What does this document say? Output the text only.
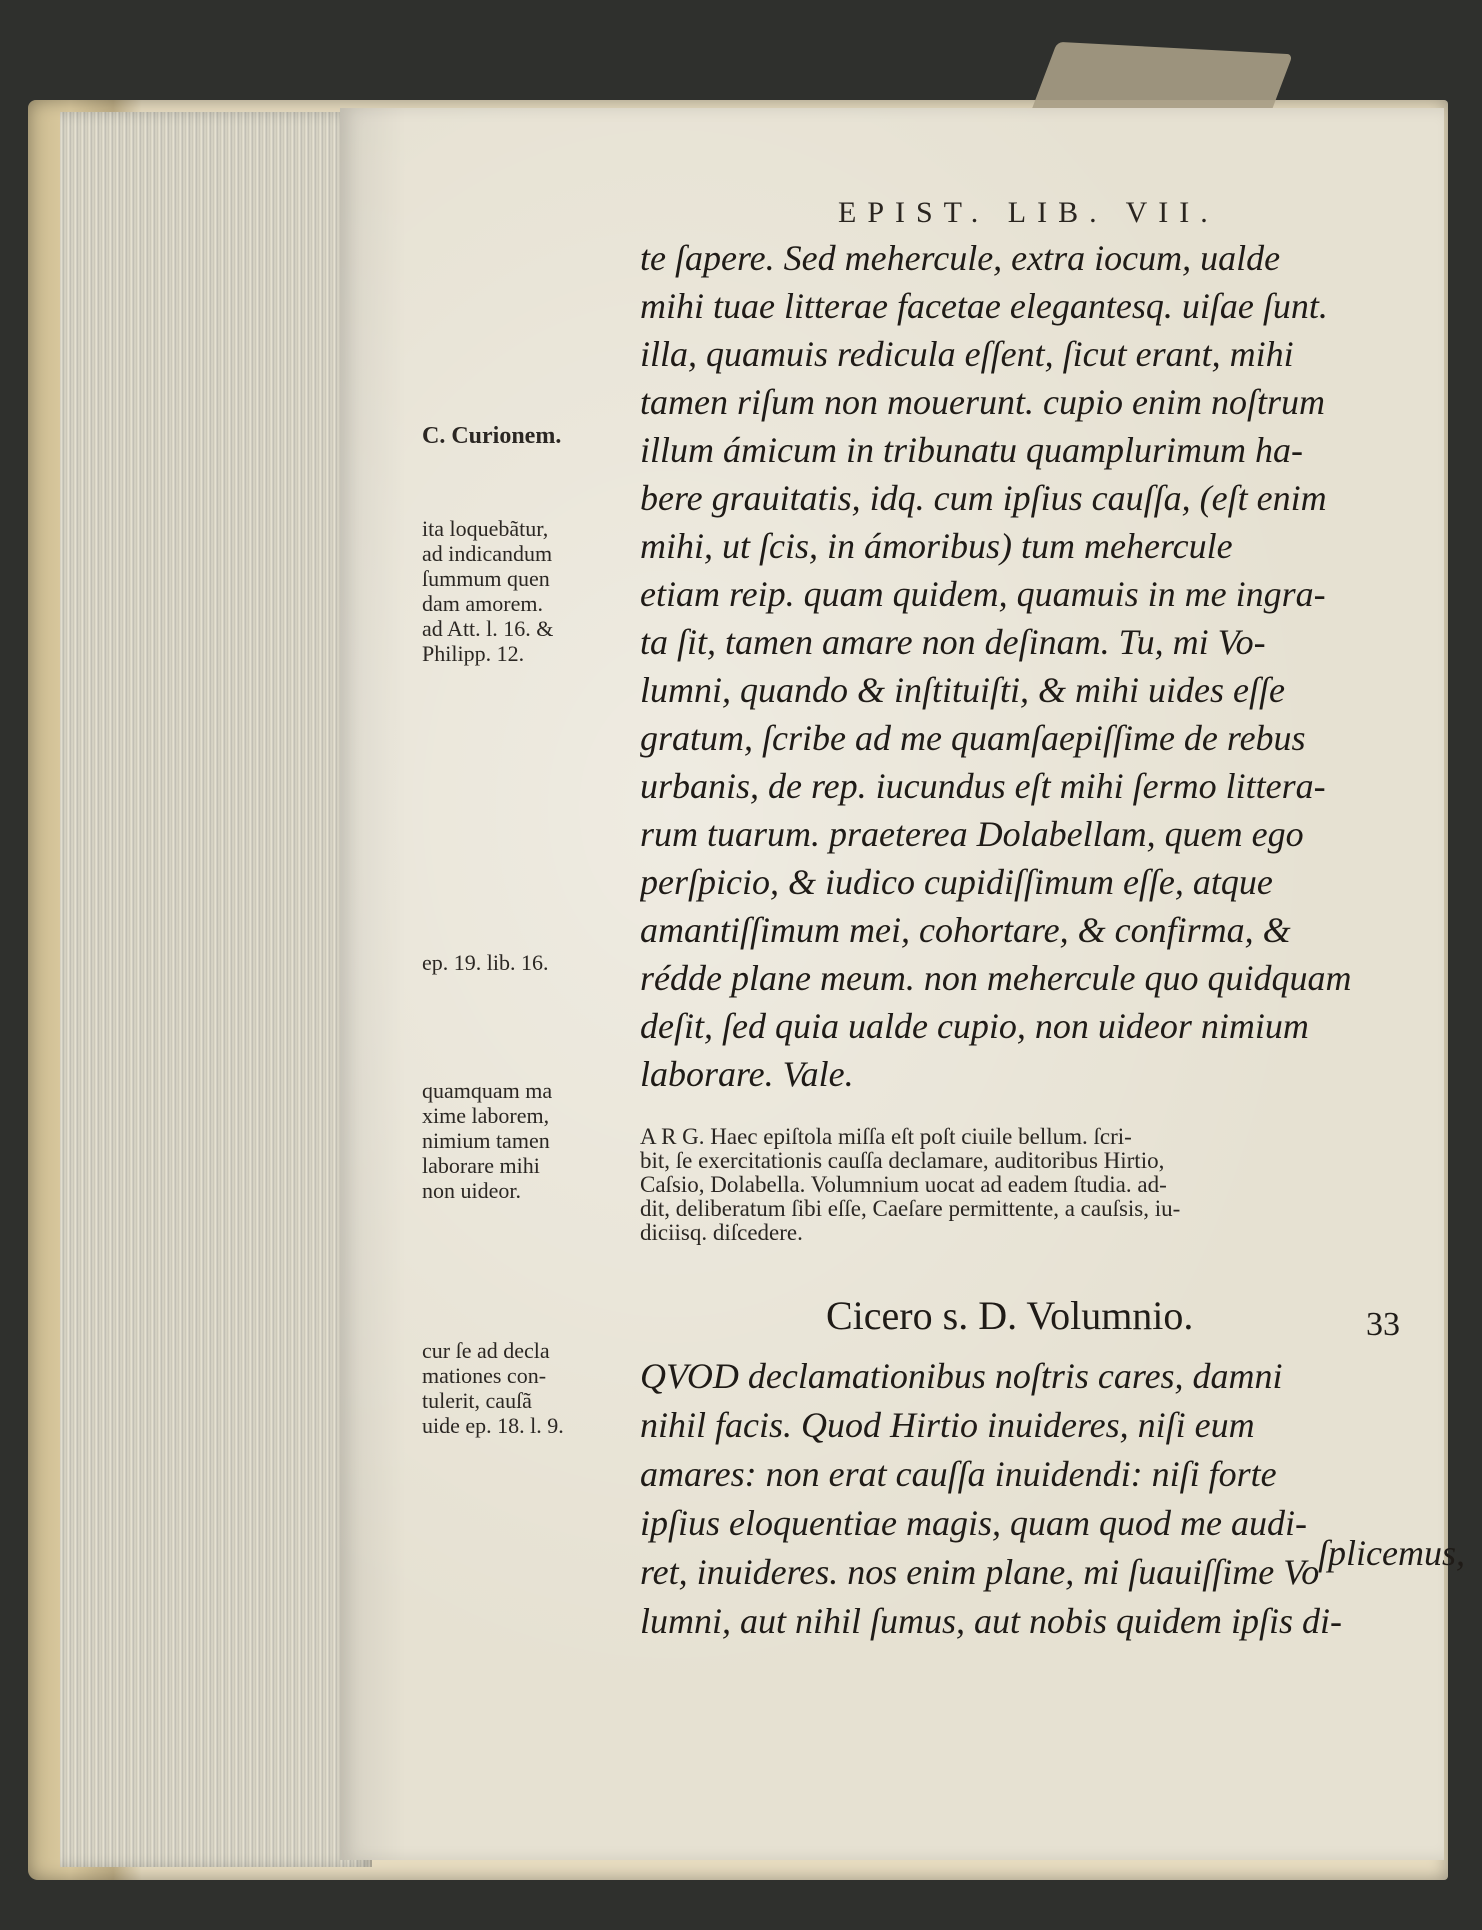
EPIST. LIB. VII.
te ſapere. Sed mehercule, extra iocum, ualde
mihi tuae litterae facetae elegantesq. uiſae ſunt.
illa, quamuis redicula eſſent, ſicut erant, mihi
tamen riſum non mouerunt. cupio enim noſtrum
illum ámicum in tribunatu quamplurimum ha-
bere grauitatis, idq. cum ipſius cauſſa, (eſt enim
mihi, ut ſcis, in ámoribus) tum mehercule
etiam reip. quam quidem, quamuis in me ingra-
ta ſit, tamen amare non deſinam. Tu, mi Vo-
lumni, quando & inſtituiſti, & mihi uides eſſe
gratum, ſcribe ad me quamſaepiſſime de rebus
urbanis, de rep. iucundus eſt mihi ſermo littera-
rum tuarum. praeterea Dolabellam, quem ego
perſpicio, & iudico cupidiſſimum eſſe, atque
amantiſſimum mei, cohortare, & confirma, &
rédde plane meum. non mehercule quo quidquam
deſit, ſed quia ualde cupio, non uideor nimium
laborare. Vale.
C. Curionem.
ita loquebãtur,
ad indicandum
ſummum quen
dam amorem.
ad Att. l. 16. &
Philipp. 12.
ep. 19. lib. 16.
quamquam ma
xime laborem,
nimium tamen
laborare mihi
non uideor.
cur ſe ad decla
mationes con-
tulerit, cauſã
uide ep. 18. l. 9.
A R G. Haec epiſtola miſſa eſt poſt ciuile bellum. ſcri-
bit, ſe exercitationis cauſſa declamare, auditoribus Hirtio,
Caſsio, Dolabella. Volumnium uocat ad eadem ſtudia. ad-
dit, deliberatum ſibi eſſe, Caeſare permittente, a cauſsis, iu-
diciisq. diſcedere.
Cicero s. D. Volumnio.	33
QVOD declamationibus noſtris cares, damni
nihil facis. Quod Hirtio inuideres, niſi eum
amares: non erat cauſſa inuidendi: niſi forte
ipſius eloquentiae magis, quam quod me audi-
ret, inuideres. nos enim plane, mi ſuauiſſime Vo
lumni, aut nihil ſumus, aut nobis quidem ipſis di-
ſplicemus,
